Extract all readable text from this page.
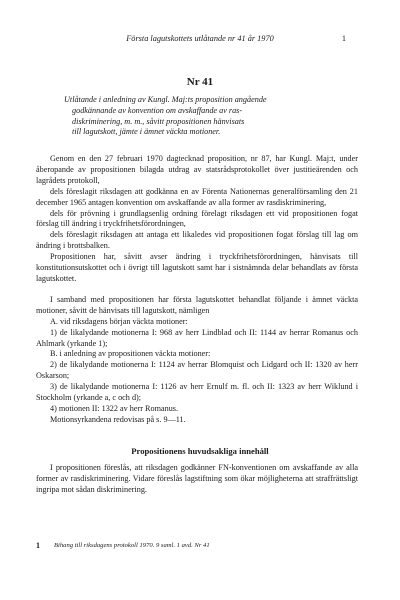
Första lagutskottets utlåtande nr 41 år 1970	1
Nr 41

Utlåtande i anledning av Kungl. Maj:ts proposition angående

godkännande av konvention om avskaffande av ras-

diskriminering, m. m., såvitt propositionen hänvisats

till lagutskott, jämte i ämnet väckta motioner.

Genom en den 27 februari 1970 dagtecknad proposition, nr 87, har Kungl. Maj:t, under åberopande av propositionen bilagda utdrag av statsrådsprotokollet över justitieärenden och lagrådets protokoll,

dels föreslagit riksdagen att godkänna en av Förenta Nationernas generalförsamling den 21 december 1965 antagen konvention om avskaffande av alla former av rasdiskriminering,

dels för prövning i grundlagsenlig ordning förelagt riksdagen ett vid propositionen fogat förslag till ändring i tryckfrihetsförordningen,

dels föreslagit riksdagen att antaga ett likaledes vid propositionen fogat förslag till lag om ändring i brottsbalken.

Propositionen har, såvitt avser ändring i tryckfrihetsförordningen, hänvisats till konstitutionsutskottet och i övrigt till lagutskott samt har i sistnämnda delar behandlats av första lagutskottet.

I samband med propositionen har första lagutskottet behandlat följande i ämnet väckta motioner, såvitt de hänvisats till lagutskott, nämligen

A. vid riksdagens början väckta motioner:

1) de likalydande motionerna I: 968 av herr Lindblad och II: 1144 av herrar Romanus och Ahlmark (yrkande 1);

B. i anledning av propositionen väckta motioner:

2) de likalydande motionerna I: 1124 av herrar Blomquist och Lidgard och II: 1320 av herr Oskarson;

3) de likalydande motionerna I: 1126 av herr Ernulf m. fl. och II: 1323 av herr Wiklund i Stockholm (yrkande a, c och d);

4) motionen II: 1322 av herr Romanus.

Motionsyrkandena redovisas på s. 9—11.

Propositionens huvudsakliga innehåll

I propositionen föreslås, att riksdagen godkänner FN-konventionen om avskaffande av alla former av rasdiskriminering. Vidare föreslås lagstiftning som ökar möjligheterna att straffrättsligt ingripa mot sådan diskriminering.

1 Bihang till riksdagens protokoll 1970. 9 saml. 1 avd. Nr 41
